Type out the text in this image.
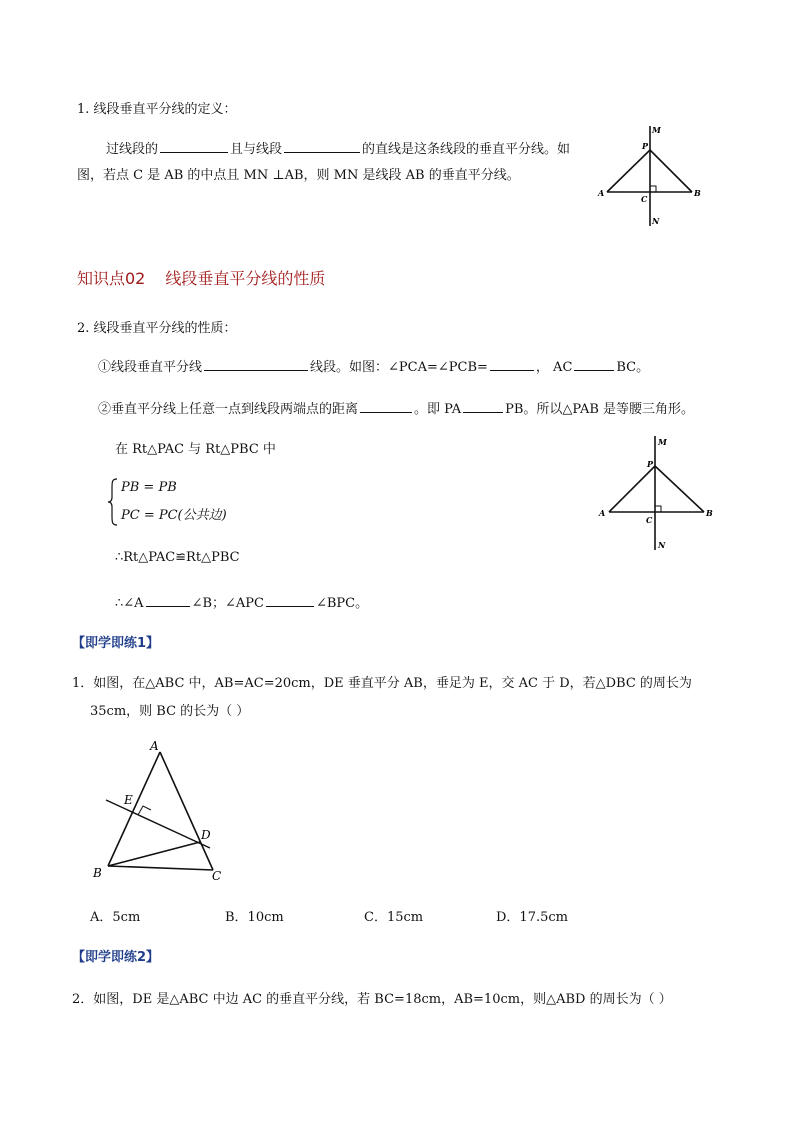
1. 线段垂直平分线的定义：
过线段的	且与线段	的直线是这条线段的垂直平分线。如
图，若点 C 是 AB 的中点且 MN ⊥AB，则 MN 是线段 AB 的垂直平分线。
M
P
A
C
B
N
知识点02 线段垂直平分线的性质
2. 线段垂直平分线的性质：
①线段垂直平分线	线段。如图：∠PCA=∠PCB=	， AC	BC。
②垂直平分线上任意一点到线段两端点的距离	。即 PA	PB。所以△PAB 是等腰三角形。
在 Rt△PAC 与 Rt△PBC 中
PB = PB
PC = PC(公共边)
∴Rt△PAC≌Rt△PBC
∴∠A	∠B；∠APC	∠BPC。
M
P
A
C
B
N
【即学即练1】
1．如图，在△ABC 中，AB=AC=20cm，DE 垂直平分 AB，垂足为 E，交 AC 于 D，若△DBC 的周长为
35cm，则 BC 的长为（ ）
A
E
D
B	C
A．5cm	B．10cm	C．15cm	D．17.5cm
【即学即练2】
2．如图，DE 是△ABC 中边 AC 的垂直平分线，若 BC=18cm，AB=10cm，则△ABD 的周长为（ ）
